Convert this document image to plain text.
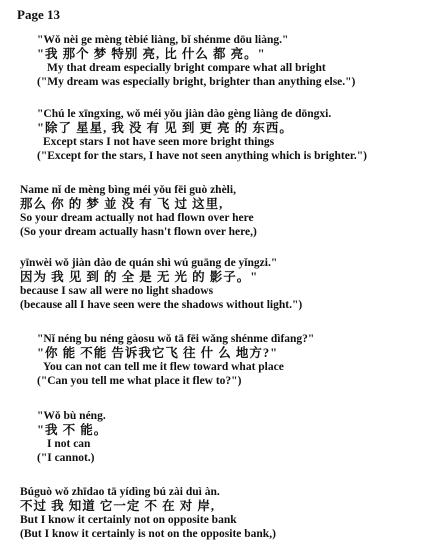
Page 13
"Wǒ nèi ge mèng tèbié liàng, bǐ shénme dōu liàng."
"我 那个 梦 特别 亮, 比 什么 都 亮。"
My that dream especially bright compare what all bright
("My dream was especially bright, brighter than anything else.")
"Chú le xīngxing, wǒ méi yǒu jiàn dào gèng liàng de dōngxi.
"除了 星星, 我 没 有 见 到 更 亮 的 东西。
Except stars I not have seen more bright things
("Except for the stars, I have not seen anything which is brighter.")
Name nǐ de mèng bìng méi yǒu fēi guò zhèli,
那么 你 的 梦 並 没 有 飞 过 这里,
So your dream actually not had flown over here
(So your dream actually hasn't flown over here,)
yīnwèi wǒ jiàn dào de quán shì wú guāng de yǐngzi."
因为 我 见 到 的 全 是 无 光 的 影子。"
because I saw all were no light shadows
(because all I have seen were the shadows without light.")
"Nǐ néng bu néng gàosu wǒ tā fēi wǎng shénme dìfang?"
"你 能 不能 告诉我它飞 往 什 么 地方?"
You can not can tell me it flew toward what place
("Can you tell me what place it flew to?")
"Wǒ bù néng.
"我 不 能。
I not can
("I cannot.)
Búguò wǒ zhīdao tā yídìng bú zài duì àn.
不过 我 知道 它一定 不 在 对 岸,
But I know it certainly not on opposite bank
(But I know it certainly is not on the opposite bank,)
